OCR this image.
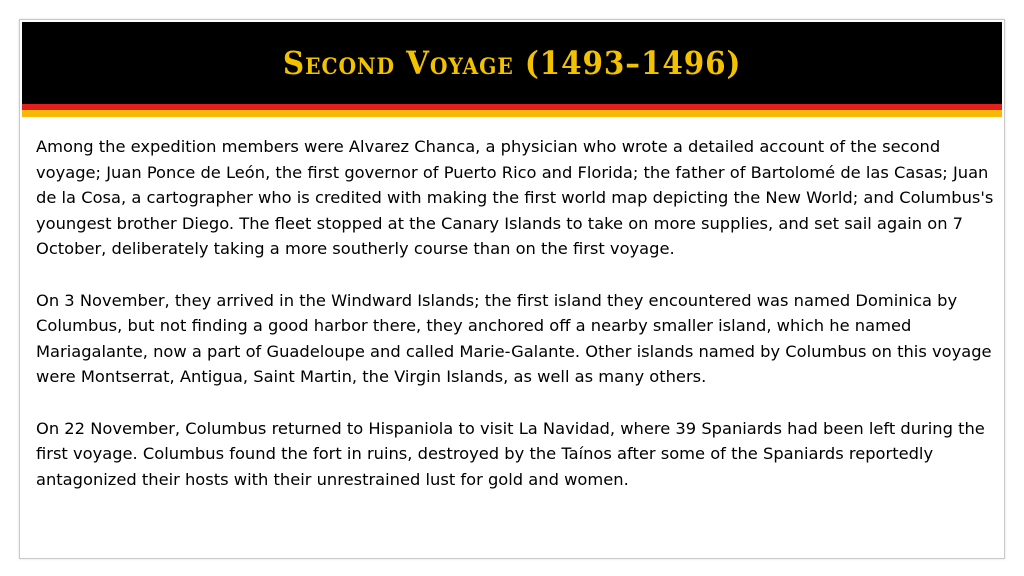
Second Voyage (1493–1496)

Among the expedition members were Alvarez Chanca, a physician who wrote a detailed account of the second voyage; Juan Ponce de León, the first governor of Puerto Rico and Florida; the father of Bartolomé de las Casas; Juan de la Cosa, a cartographer who is credited with making the first world map depicting the New World; and Columbus's youngest brother Diego. The fleet stopped at the Canary Islands to take on more supplies, and set sail again on 7 October, deliberately taking a more southerly course than on the first voyage.

On 3 November, they arrived in the Windward Islands; the first island they encountered was named Dominica by Columbus, but not finding a good harbor there, they anchored off a nearby smaller island, which he named Mariagalante, now a part of Guadeloupe and called Marie-Galante. Other islands named by Columbus on this voyage were Montserrat, Antigua, Saint Martin, the Virgin Islands, as well as many others.

On 22 November, Columbus returned to Hispaniola to visit La Navidad, where 39 Spaniards had been left during the first voyage. Columbus found the fort in ruins, destroyed by the Taínos after some of the Spaniards reportedly antagonized their hosts with their unrestrained lust for gold and women.
